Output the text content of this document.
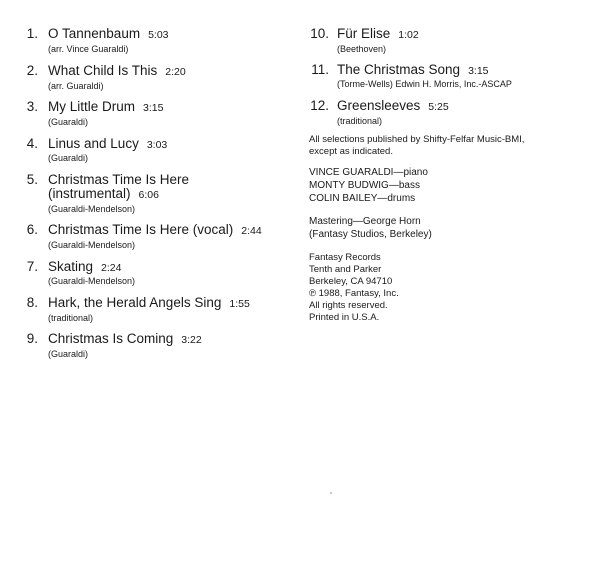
1. O Tannenbaum 5:03
(arr. Vince Guaraldi)
2. What Child Is This 2:20
(arr. Guaraldi)
3. My Little Drum 3:15
(Guaraldi)
4. Linus and Lucy 3:03
(Guaraldi)
5. Christmas Time Is Here
(instrumental) 6:06
(Guaraldi-Mendelson)
6. Christmas Time Is Here (vocal) 2:44
(Guaraldi-Mendelson)
7. Skating 2:24
(Guaraldi-Mendelson)
8. Hark, the Herald Angels Sing 1:55
(traditional)
9. Christmas Is Coming 3:22
(Guaraldi)
10. Für Elise 1:02
(Beethoven)
11. The Christmas Song 3:15
(Torme-Wells) Edwin H. Morris, Inc.-ASCAP
12. Greensleeves 5:25
(traditional)
All selections published by Shifty-Felfar Music-BMI,
except as indicated.
VINCE GUARALDI—piano
MONTY BUDWIG—bass
COLIN BAILEY—drums
Mastering—George Horn
(Fantasy Studios, Berkeley)
Fantasy Records
Tenth and Parker
Berkeley, CA 94710
℗ 1988, Fantasy, Inc.
All rights reserved.
Printed in U.S.A.
